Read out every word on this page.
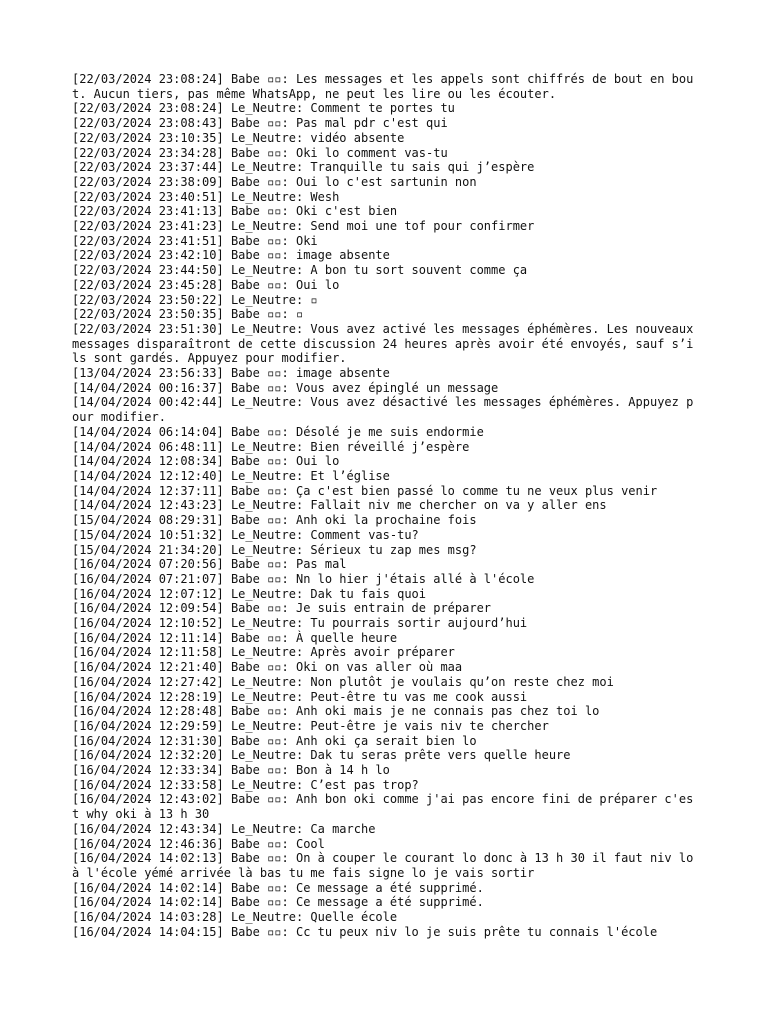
[22/03/2024 23:08:24] Babe ▫▫: Les messages et les appels sont chiffrés de bout en bout. Aucun tiers, pas même WhatsApp, ne peut les lire ou les écouter.
[22/03/2024 23:08:24] Le_Neutre: Comment te portes tu
[22/03/2024 23:08:43] Babe ▫▫: Pas mal pdr c'est qui
[22/03/2024 23:10:35] Le_Neutre: vidéo absente
[22/03/2024 23:34:28] Babe ▫▫: Oki lo comment vas-tu
[22/03/2024 23:37:44] Le_Neutre: Tranquille tu sais qui j’espère
[22/03/2024 23:38:09] Babe ▫▫: Oui lo c'est sartunin non
[22/03/2024 23:40:51] Le_Neutre: Wesh
[22/03/2024 23:41:13] Babe ▫▫: Oki c'est bien
[22/03/2024 23:41:23] Le_Neutre: Send moi une tof pour confirmer
[22/03/2024 23:41:51] Babe ▫▫: Oki
[22/03/2024 23:42:10] Babe ▫▫: image absente
[22/03/2024 23:44:50] Le_Neutre: A bon tu sort souvent comme ça
[22/03/2024 23:45:28] Babe ▫▫: Oui lo
[22/03/2024 23:50:22] Le_Neutre: ▫
[22/03/2024 23:50:35] Babe ▫▫: ▫
[22/03/2024 23:51:30] Le_Neutre: Vous avez activé les messages éphémères. Les nouveaux messages disparaîtront de cette discussion 24 heures après avoir été envoyés, sauf s’ils sont gardés. Appuyez pour modifier.
[13/04/2024 23:56:33] Babe ▫▫: image absente
[14/04/2024 00:16:37] Babe ▫▫: Vous avez épinglé un message
[14/04/2024 00:42:44] Le_Neutre: Vous avez désactivé les messages éphémères. Appuyez pour modifier.
[14/04/2024 06:14:04] Babe ▫▫: Désolé je me suis endormie
[14/04/2024 06:48:11] Le_Neutre: Bien réveillé j’espère
[14/04/2024 12:08:34] Babe ▫▫: Oui lo
[14/04/2024 12:12:40] Le_Neutre: Et l’église
[14/04/2024 12:37:11] Babe ▫▫: Ça c'est bien passé lo comme tu ne veux plus venir
[14/04/2024 12:43:23] Le_Neutre: Fallait niv me chercher on va y aller ens
[15/04/2024 08:29:31] Babe ▫▫: Anh oki la prochaine fois
[15/04/2024 10:51:32] Le_Neutre: Comment vas-tu?
[15/04/2024 21:34:20] Le_Neutre: Sérieux tu zap mes msg?
[16/04/2024 07:20:56] Babe ▫▫: Pas mal
[16/04/2024 07:21:07] Babe ▫▫: Nn lo hier j'étais allé à l'école
[16/04/2024 12:07:12] Le_Neutre: Dak tu fais quoi
[16/04/2024 12:09:54] Babe ▫▫: Je suis entrain de préparer
[16/04/2024 12:10:52] Le_Neutre: Tu pourrais sortir aujourd’hui
[16/04/2024 12:11:14] Babe ▫▫: À quelle heure
[16/04/2024 12:11:58] Le_Neutre: Après avoir préparer
[16/04/2024 12:21:40] Babe ▫▫: Oki on vas aller où maa
[16/04/2024 12:27:42] Le_Neutre: Non plutôt je voulais qu’on reste chez moi
[16/04/2024 12:28:19] Le_Neutre: Peut-être tu vas me cook aussi
[16/04/2024 12:28:48] Babe ▫▫: Anh oki mais je ne connais pas chez toi lo
[16/04/2024 12:29:59] Le_Neutre: Peut-être je vais niv te chercher
[16/04/2024 12:31:30] Babe ▫▫: Anh oki ça serait bien lo
[16/04/2024 12:32:20] Le_Neutre: Dak tu seras prête vers quelle heure
[16/04/2024 12:33:34] Babe ▫▫: Bon à 14 h lo
[16/04/2024 12:33:58] Le_Neutre: C’est pas trop?
[16/04/2024 12:43:02] Babe ▫▫: Anh bon oki comme j'ai pas encore fini de préparer c'est why oki à 13 h 30
[16/04/2024 12:43:34] Le_Neutre: Ca marche
[16/04/2024 12:46:36] Babe ▫▫: Cool
[16/04/2024 14:02:13] Babe ▫▫: On à couper le courant lo donc à 13 h 30 il faut niv lo à l'école yémé arrivée là bas tu me fais signe lo je vais sortir
[16/04/2024 14:02:14] Babe ▫▫: Ce message a été supprimé.
[16/04/2024 14:02:14] Babe ▫▫: Ce message a été supprimé.
[16/04/2024 14:03:28] Le_Neutre: Quelle école
[16/04/2024 14:04:15] Babe ▫▫: Cc tu peux niv lo je suis prête tu connais l'école
